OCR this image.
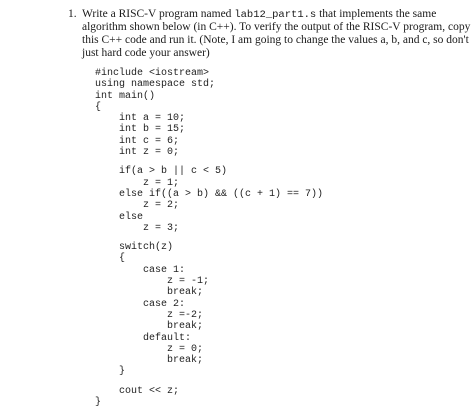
1. Write a RISC-V program named lab12_part1.s that implements the same
algorithm shown below (in C++). To verify the output of the RISC-V program, copy
this C++ code and run it. (Note, I am going to change the values a, b, and c, so don't
just hard code your answer)
#include <iostream>
using namespace std;
int main()
{
int a = 10;
int b = 15;
int c = 6;
int z = 0;
if(a > b || c < 5)
z = 1;
else if((a > b) && ((c + 1) == 7))
z = 2;
else
z = 3;
switch(z)
{
case 1:
z = -1;
break;
case 2:
z =-2;
break;
default:
z = 0;
break;
}
cout << z;
}
